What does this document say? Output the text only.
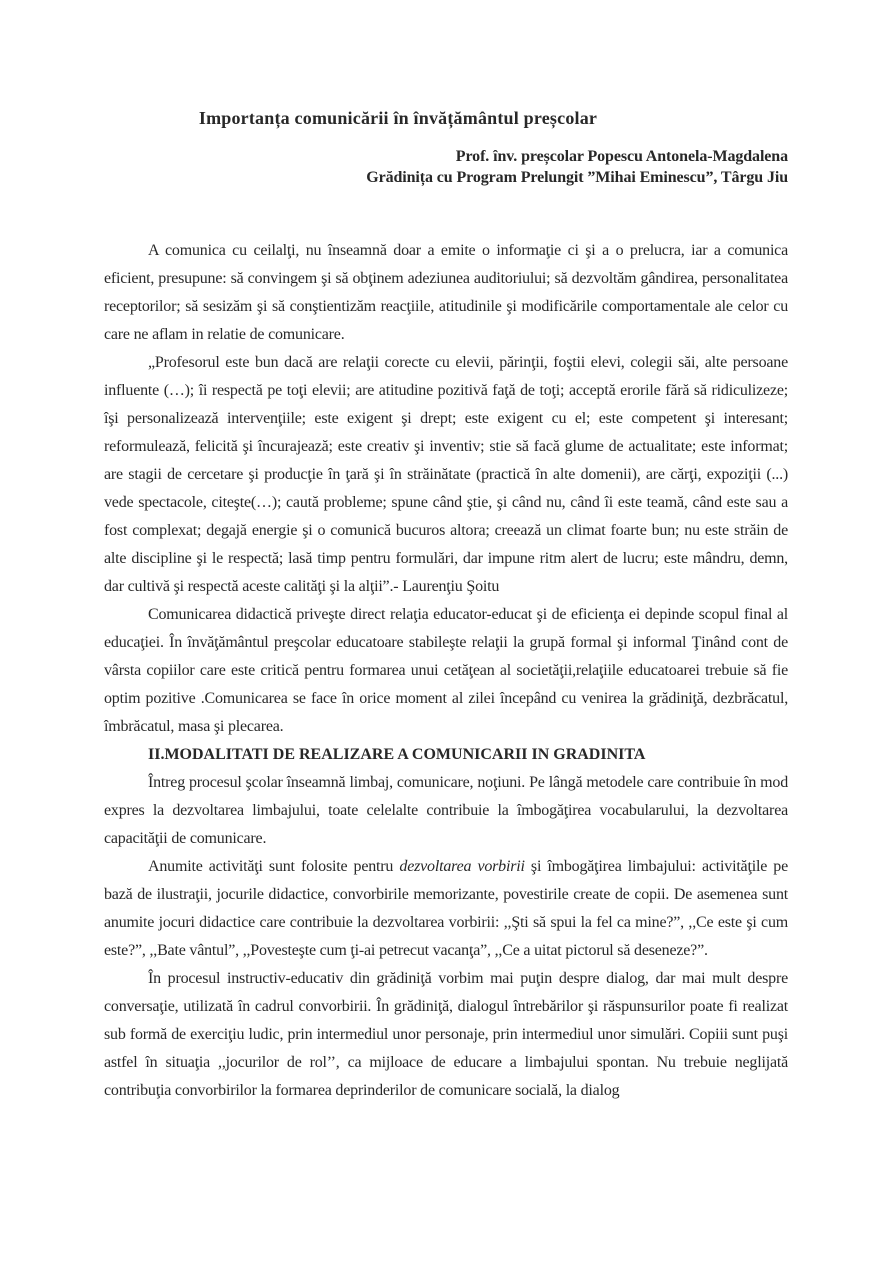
Importanța comunicării în învățământul preșcolar
Prof. înv. preșcolar Popescu Antonela-Magdalena
Grădinița cu Program Prelungit ”Mihai Eminescu”, Târgu Jiu

A comunica cu ceilalţi, nu înseamnă doar a emite o informaţie ci şi a o prelucra, iar a comunica eficient, presupune: să convingem şi să obţinem adeziunea auditoriului; să dezvoltăm gândirea, personalitatea receptorilor; să sesizăm şi să conştientizăm reacţiile, atitudinile şi modificările comportamentale ale celor cu care ne aflam in relatie de comunicare.

„Profesorul este bun dacă are relaţii corecte cu elevii, părinţii, foştii elevi, colegii săi, alte persoane influente (…); îi respectă pe toţi elevii; are atitudine pozitivă faţă de toţi; acceptă erorile fără să ridiculizeze; îşi personalizează intervenţiile; este exigent şi drept; este exigent cu el; este competent şi interesant; reformulează, felicită şi încurajează; este creativ şi inventiv; stie să facă glume de actualitate; este informat; are stagii de cercetare şi producţie în ţară şi în străinătate (practică în alte domenii), are cărţi, expoziţii (...) vede spectacole, citeşte(…); caută probleme; spune când ştie, şi când nu, când îi este teamă, când este sau a fost complexat; degajă energie şi o comunică bucuros altora; creează un climat foarte bun; nu este străin de alte discipline şi le respectă; lasă timp pentru formulări, dar impune ritm alert de lucru; este mândru, demn, dar cultivă şi respectă aceste calităţi şi la alţii”.- Laurenţiu Şoitu

Comunicarea didactică priveşte direct relaţia educator-educat şi de eficienţa ei depinde scopul final al educaţiei. În învăţământul preşcolar educatoare stabileşte relaţii la grupă formal şi informal Ţinând cont de vârsta copiilor care este critică pentru formarea unui cetăţean al societăţii,relaţiile educatoarei trebuie să fie optim pozitive .Comunicarea se face în orice moment al zilei începând cu venirea la grădiniţă, dezbrăcatul, îmbrăcatul, masa şi plecarea.

II.MODALITATI DE REALIZARE A COMUNICARII IN GRADINITA

Întreg procesul şcolar înseamnă limbaj, comunicare, noţiuni. Pe lângă metodele care contribuie în mod expres la dezvoltarea limbajului, toate celelalte contribuie la îmbogăţirea vocabularului, la dezvoltarea capacităţii de comunicare.

Anumite activităţi sunt folosite pentru dezvoltarea vorbirii şi îmbogăţirea limbajului: activităţile pe bază de ilustraţii, jocurile didactice, convorbirile memorizante, povestirile create de copii. De asemenea sunt anumite jocuri didactice care contribuie la dezvoltarea vorbirii: ,,Şti să spui la fel ca mine?”, ,,Ce este şi cum este?”, ,,Bate vântul”, ,,Povesteşte cum ţi-ai petrecut vacanţa”, ,,Ce a uitat pictorul să deseneze?”.

În procesul instructiv-educativ din grădiniţă vorbim mai puţin despre dialog, dar mai mult despre conversaţie, utilizată în cadrul convorbirii. În grădiniţă, dialogul întrebărilor şi răspunsurilor poate fi realizat sub formă de exerciţiu ludic, prin intermediul unor personaje, prin intermediul unor simulări. Copiii sunt puşi astfel în situaţia ,,jocurilor de rol’’, ca mijloace de educare a limbajului spontan. Nu trebuie neglijată contribuţia convorbirilor la formarea deprinderilor de comunicare socială, la dialog
